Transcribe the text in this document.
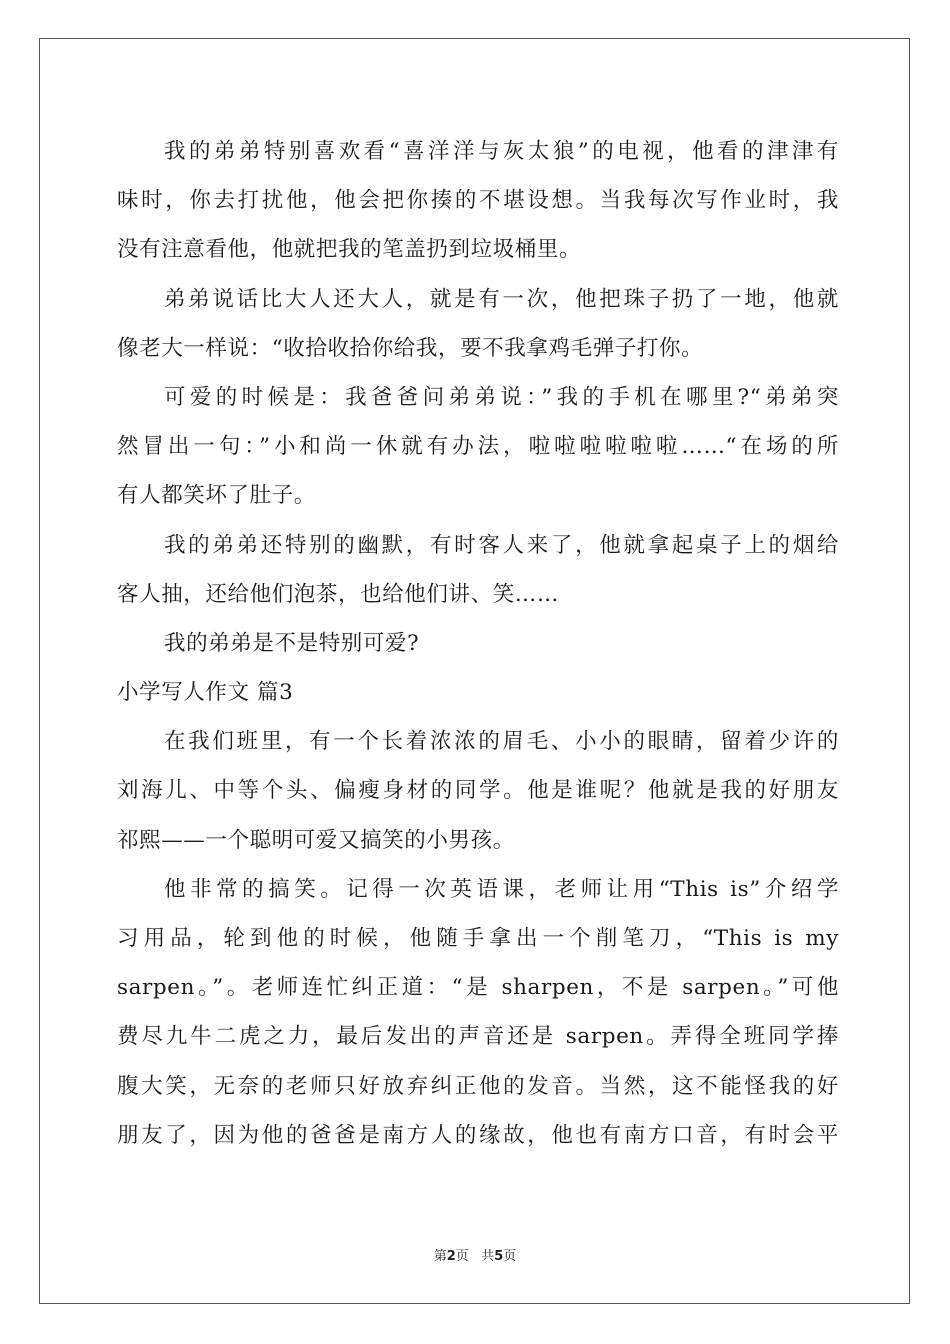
我的弟弟特别喜欢看“喜洋洋与灰太狼”的电视，他看的津津有
味时，你去打扰他，他会把你揍的不堪设想。当我每次写作业时，我
没有注意看他，他就把我的笔盖扔到垃圾桶里。
弟弟说话比大人还大人，就是有一次，他把珠子扔了一地，他就
像老大一样说：“收拾收拾你给我，要不我拿鸡毛弹子打你。
可爱的时候是：我爸爸问弟弟说：”我的手机在哪里?“弟弟突
然冒出一句：”小和尚一休就有办法，啦啦啦啦啦啦……“在场的所
有人都笑坏了肚子。
我的弟弟还特别的幽默，有时客人来了，他就拿起桌子上的烟给
客人抽，还给他们泡茶，也给他们讲、笑……
我的弟弟是不是特别可爱?
小学写人作文 篇3
在我们班里，有一个长着浓浓的眉毛、小小的眼睛，留着少许的
刘海儿、中等个头、偏瘦身材的同学。他是谁呢？他就是我的好朋友
祁熙——一个聪明可爱又搞笑的小男孩。
他非常的搞笑。记得一次英语课，老师让用“This is”介绍学
习用品，轮到他的时候，他随手拿出一个削笔刀，“This is my
sarpen。”。老师连忙纠正道：“是 sharpen，不是 sarpen。”可他
费尽九牛二虎之力，最后发出的声音还是 sarpen。弄得全班同学捧
腹大笑，无奈的老师只好放弃纠正他的发音。当然，这不能怪我的好
朋友了，因为他的爸爸是南方人的缘故，他也有南方口音，有时会平
第2页 共5页
